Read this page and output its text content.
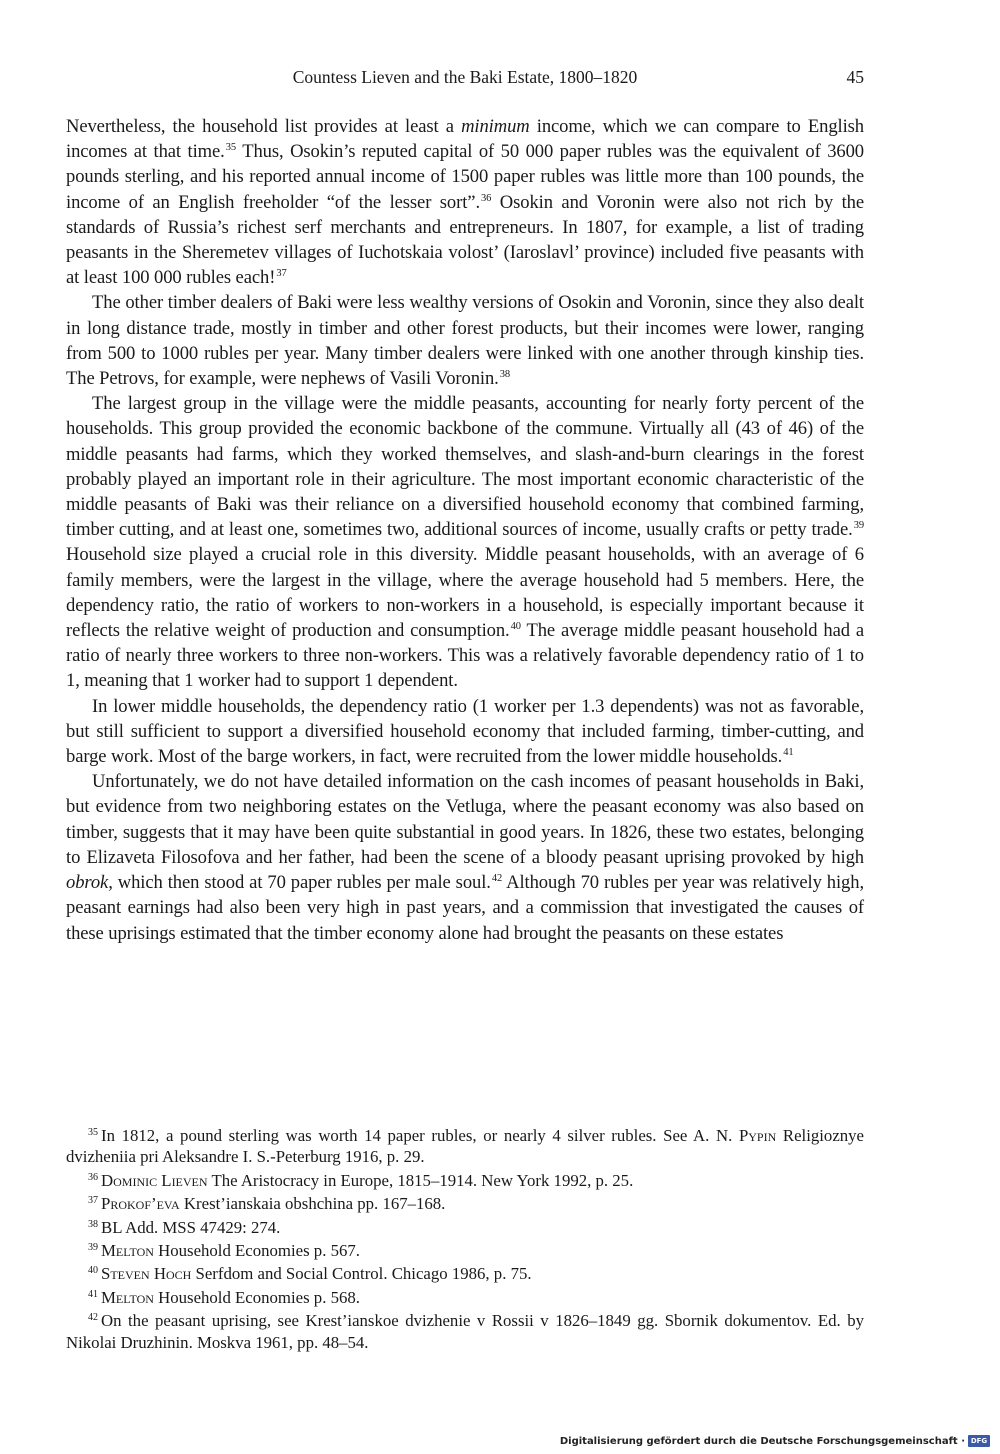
Countess Lieven and the Baki Estate, 1800–1820	45

Nevertheless, the household list provides at least a minimum income, which we can compare to English incomes at that time.$^{35}$ Thus, Osokin’s reputed capital of 50 000 paper rubles was the equivalent of 3600 pounds sterling, and his reported annual income of 1500 paper rubles was little more than 100 pounds, the income of an English freeholder “of the lesser sort”.$^{36}$ Osokin and Voronin were also not rich by the standards of Russia’s richest serf merchants and entrepreneurs. In 1807, for example, a list of trading peasants in the Sheremetev villages of Iuchotskaia volost’ (Iaroslavl’ province) included five peasants with at least 100 000 rubles each!$^{37}$

The other timber dealers of Baki were less wealthy versions of Osokin and Voronin, since they also dealt in long distance trade, mostly in timber and other forest products, but their incomes were lower, ranging from 500 to 1000 rubles per year. Many timber dealers were linked with one another through kinship ties. The Petrovs, for example, were nephews of Vasili Voronin.$^{38}$

The largest group in the village were the middle peasants, accounting for nearly forty percent of the households. This group provided the economic backbone of the commune. Virtually all (43 of 46) of the middle peasants had farms, which they worked themselves, and slash-and-burn clearings in the forest probably played an important role in their agriculture. The most important economic characteristic of the middle peasants of Baki was their reliance on a diversified household economy that combined farming, timber cutting, and at least one, sometimes two, additional sources of income, usually crafts or petty trade.$^{39}$ Household size played a crucial role in this diversity. Middle peasant households, with an average of 6 family members, were the largest in the village, where the average household had 5 members. Here, the dependency ratio, the ratio of workers to non-workers in a household, is especially important because it reflects the relative weight of production and consumption.$^{40}$ The average middle peasant household had a ratio of nearly three workers to three non-workers. This was a relatively favorable dependency ratio of 1 to 1, meaning that 1 worker had to support 1 dependent.

In lower middle households, the dependency ratio (1 worker per 1.3 dependents) was not as favorable, but still sufficient to support a diversified household economy that included farming, timber-cutting, and barge work. Most of the barge workers, in fact, were recruited from the lower middle households.$^{41}$

Unfortunately, we do not have detailed information on the cash incomes of peasant households in Baki, but evidence from two neighboring estates on the Vetluga, where the peasant economy was also based on timber, suggests that it may have been quite substantial in good years. In 1826, these two estates, belonging to Elizaveta Filosofova and her father, had been the scene of a bloody peasant uprising provoked by high obrok, which then stood at 70 paper rubles per male soul.$^{42}$ Although 70 rubles per year was relatively high, peasant earnings had also been very high in past years, and a commission that investigated the causes of these uprisings estimated that the timber economy alone had brought the peasants on these estates

$^{35}$ In 1812, a pound sterling was worth 14 paper rubles, or nearly 4 silver rubles. See A. N. Pypin Religioznye dvizheniia pri Aleksandre I. S.-Peterburg 1916, p. 29.

$^{36}$ Dominic Lieven The Aristocracy in Europe, 1815–1914. New York 1992, p. 25.

$^{37}$ Prokof’eva Krest’ianskaia obshchina pp. 167–168.

$^{38}$ BL Add. MSS 47429: 274.

$^{39}$ Melton Household Economies p. 567.

$^{40}$ Steven Hoch Serfdom and Social Control. Chicago 1986, p. 75.

$^{41}$ Melton Household Economies p. 568.

$^{42}$ On the peasant uprising, see Krest’ianskoe dvizhenie v Rossii v 1826–1849 gg. Sbornik dokumentov. Ed. by Nikolai Druzhinin. Moskva 1961, pp. 48–54.

Digitalisierung gefördert durch die Deutsche Forschungsgemeinschaft · DFG
